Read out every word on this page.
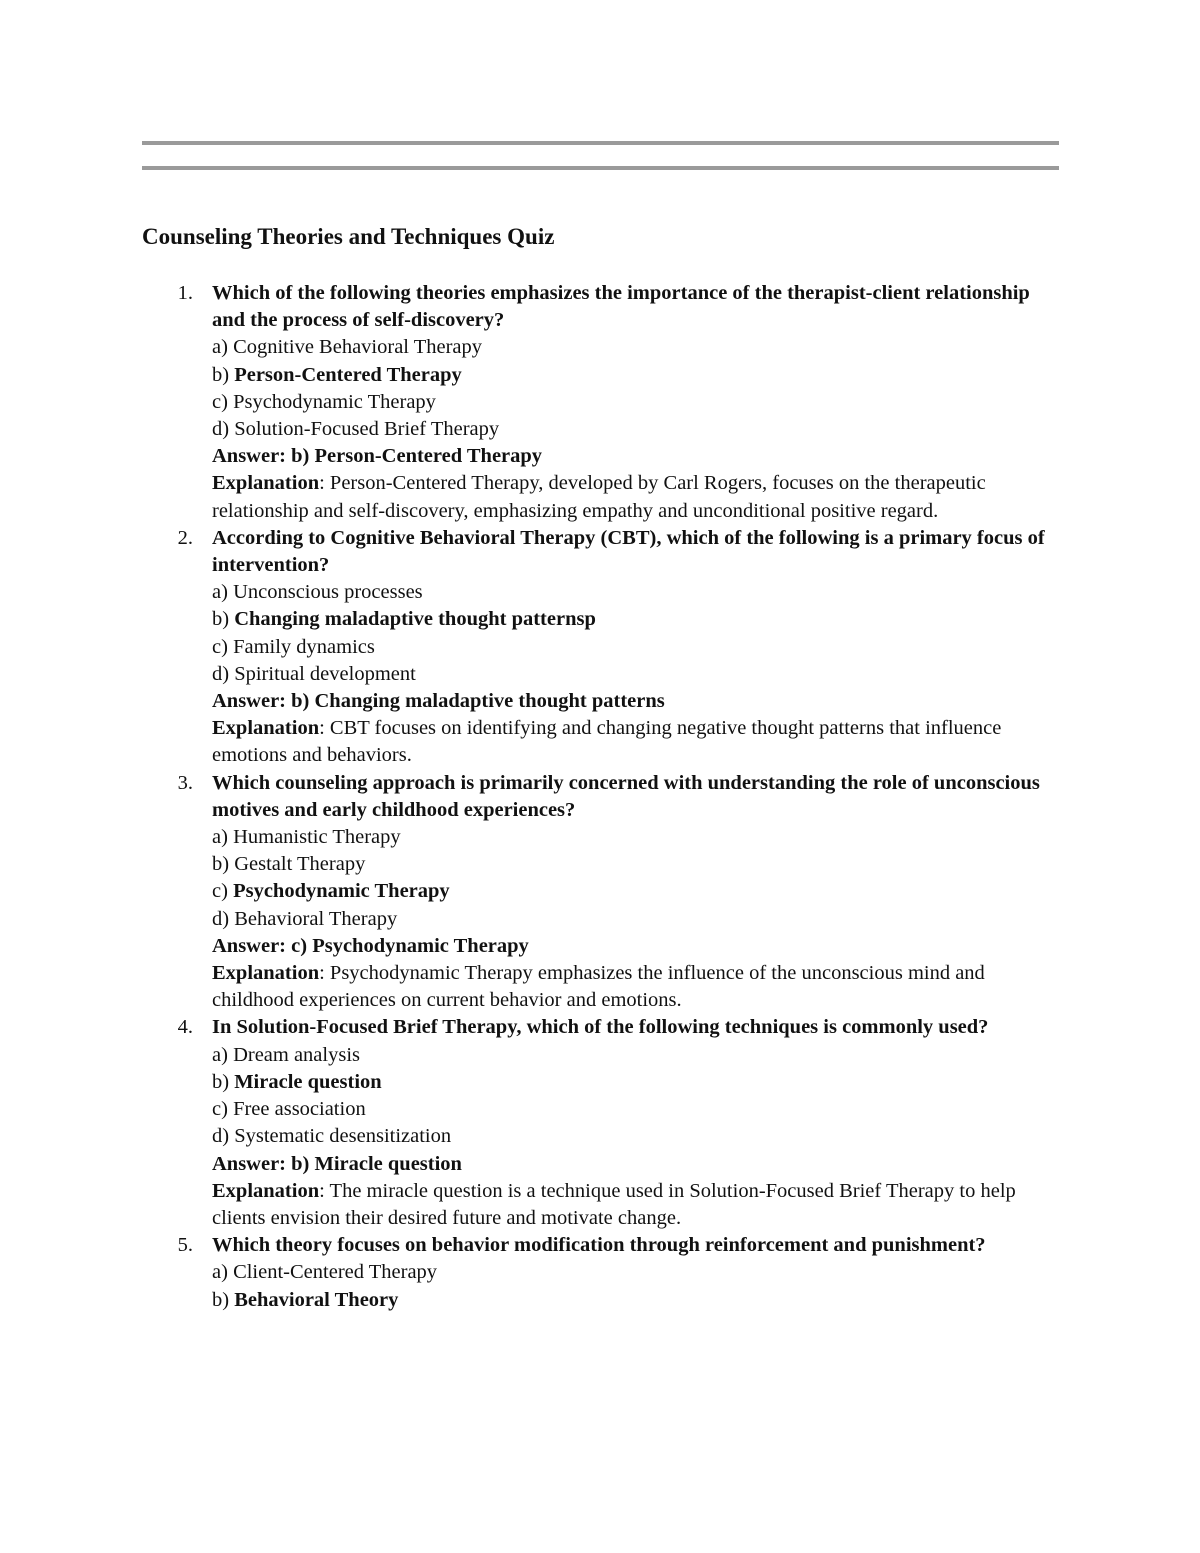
Counseling Theories and Techniques Quiz
1. Which of the following theories emphasizes the importance of the therapist-client relationship and the process of self-discovery?
a) Cognitive Behavioral Therapy
b) Person-Centered Therapy
c) Psychodynamic Therapy
d) Solution-Focused Brief Therapy
Answer: b) Person-Centered Therapy
Explanation: Person-Centered Therapy, developed by Carl Rogers, focuses on the therapeutic relationship and self-discovery, emphasizing empathy and unconditional positive regard.
2. According to Cognitive Behavioral Therapy (CBT), which of the following is a primary focus of intervention?
a) Unconscious processes
b) Changing maladaptive thought patternsp
c) Family dynamics
d) Spiritual development
Answer: b) Changing maladaptive thought patterns
Explanation: CBT focuses on identifying and changing negative thought patterns that influence emotions and behaviors.
3. Which counseling approach is primarily concerned with understanding the role of unconscious motives and early childhood experiences?
a) Humanistic Therapy
b) Gestalt Therapy
c) Psychodynamic Therapy
d) Behavioral Therapy
Answer: c) Psychodynamic Therapy
Explanation: Psychodynamic Therapy emphasizes the influence of the unconscious mind and childhood experiences on current behavior and emotions.
4. In Solution-Focused Brief Therapy, which of the following techniques is commonly used?
a) Dream analysis
b) Miracle question
c) Free association
d) Systematic desensitization
Answer: b) Miracle question
Explanation: The miracle question is a technique used in Solution-Focused Brief Therapy to help clients envision their desired future and motivate change.
5. Which theory focuses on behavior modification through reinforcement and punishment?
a) Client-Centered Therapy
b) Behavioral Theory
